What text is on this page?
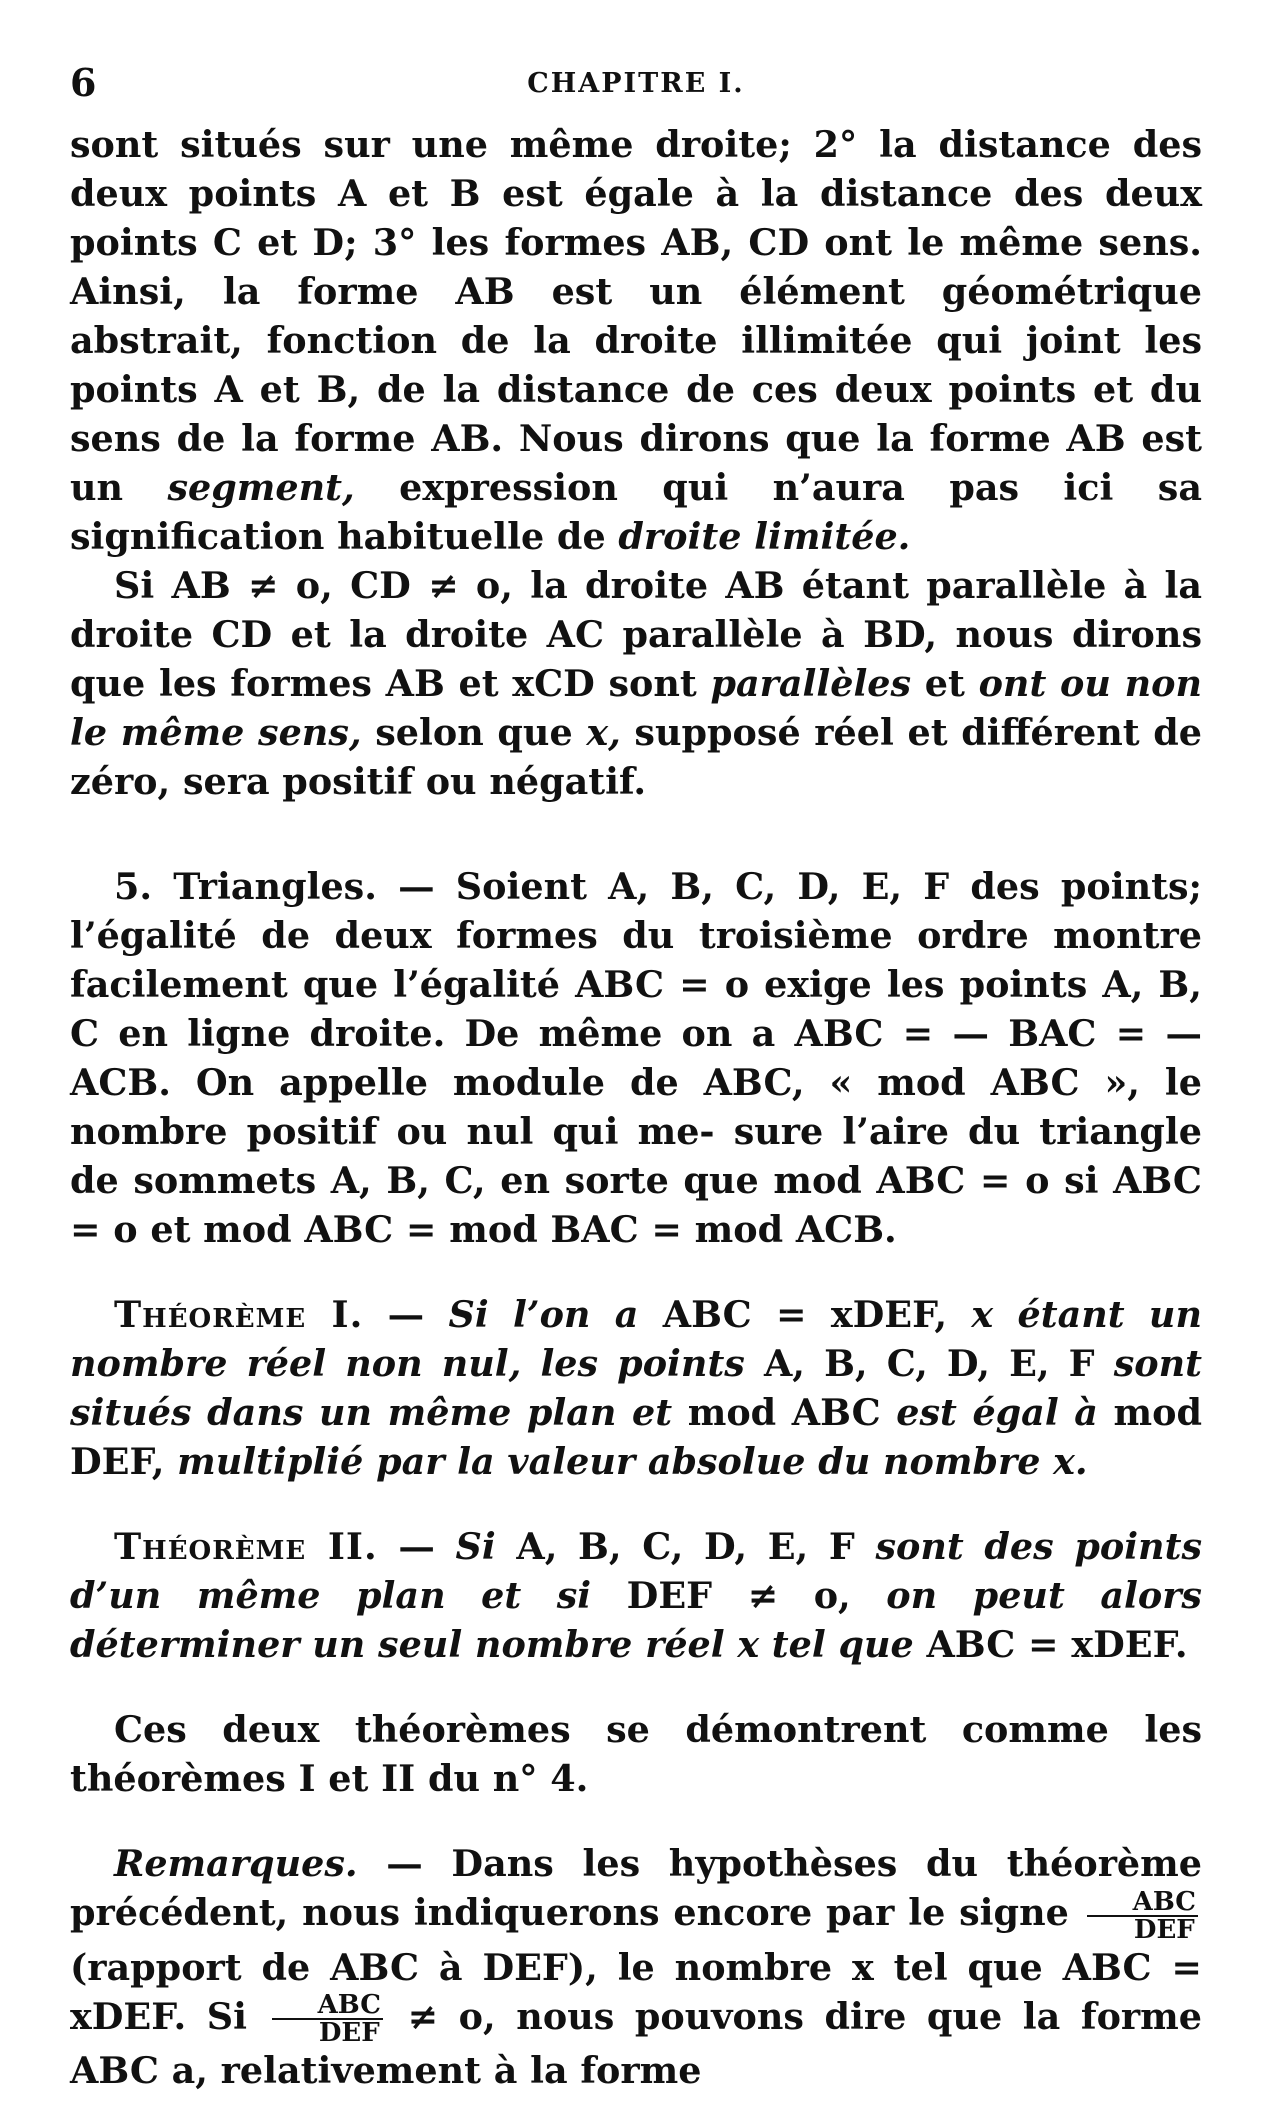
6	CHAPITRE I.

sont situés sur une même droite; 2° la distance des deux points A et B est égale à la distance des deux points C et D; 3° les formes AB, CD ont le même sens. Ainsi, la forme AB est un élément géométrique abstrait, fonction de la droite illimitée qui joint les points A et B, de la distance de ces deux points et du sens de la forme AB. Nous dirons que la forme AB est un segment, expression qui n’aura pas ici sa signification habituelle de droite limitée.

Si AB ≠ o, CD ≠ o, la droite AB étant parallèle à la droite CD et la droite AC parallèle à BD, nous dirons que les formes AB et xCD sont parallèles et ont ou non le même sens, selon que x, supposé réel et différent de zéro, sera positif ou négatif.

5. Triangles. — Soient A, B, C, D, E, F des points; l’égalité de deux formes du troisième ordre montre facilement que l’égalité ABC = o exige les points A, B, C en ligne droite. De même on a ABC = — BAC = — ACB. On appelle module de ABC, « mod ABC », le nombre positif ou nul qui me- sure l’aire du triangle de sommets A, B, C, en sorte que mod ABC = o si ABC = o et mod ABC = mod BAC = mod ACB.

Théorème I. — Si l’on a ABC = xDEF, x étant un nombre réel non nul, les points A, B, C, D, E, F sont situés dans un même plan et mod ABC est égal à mod DEF, multiplié par la valeur absolue du nombre x.

Théorème II. — Si A, B, C, D, E, F sont des points d’un même plan et si DEF ≠ o, on peut alors déterminer un seul nombre réel x tel que ABC = xDEF.

Ces deux théorèmes se démontrent comme les théorèmes I et II du n° 4.

Remarques. — Dans les hypothèses du théorème précédent, nous indiquerons encore par le signe $\frac{\text{ABC}}{\text{DEF}}$
(rapport de ABC à DEF), le nombre x tel que ABC = xDEF. Si $\frac{\text{ABC}}{\text{DEF}} \ne o$, nous pouvons dire que la forme ABC a, relativement à la forme
